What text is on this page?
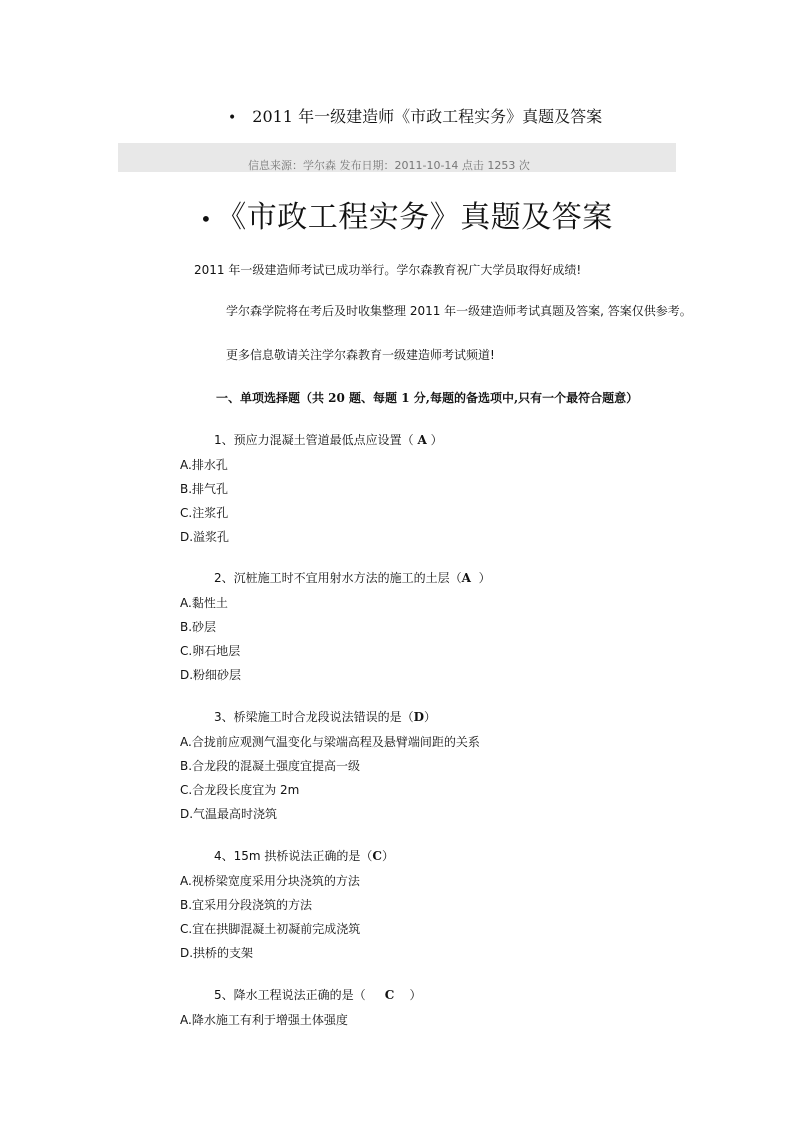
• 2011 年一级建造师《市政工程实务》真题及答案
信息来源：学尔森 发布日期：2011-10-14 点击 1253 次
• 《市政工程实务》真题及答案
2011 年一级建造师考试已成功举行。学尔森教育祝广大学员取得好成绩!
学尔森学院将在考后及时收集整理 2011 年一级建造师考试真题及答案, 答案仅供参考。
更多信息敬请关注学尔森教育一级建造师考试频道!
一、单项选择题（共 20 题、每题 1 分,每题的备选项中,只有一个最符合题意）
1、预应力混凝土管道最低点应设置（ A ）
A.排水孔
B.排气孔
C.注浆孔
D.溢浆孔
2、沉桩施工时不宜用射水方法的施工的土层（A ）
A.黏性土
B.砂层
C.卵石地层
D.粉细砂层
3、桥梁施工时合龙段说法错误的是（D）
A.合拢前应观测气温变化与梁端高程及悬臂端间距的关系
B.合龙段的混凝土强度宜提高一级
C.合龙段长度宜为 2m
D.气温最高时浇筑
4、15m 拱桥说法正确的是（C）
A.视桥梁宽度采用分块浇筑的方法
B.宜采用分段浇筑的方法
C.宜在拱脚混凝土初凝前完成浇筑
D.拱桥的支架
5、降水工程说法正确的是（ C ）
A.降水施工有利于增强土体强度
